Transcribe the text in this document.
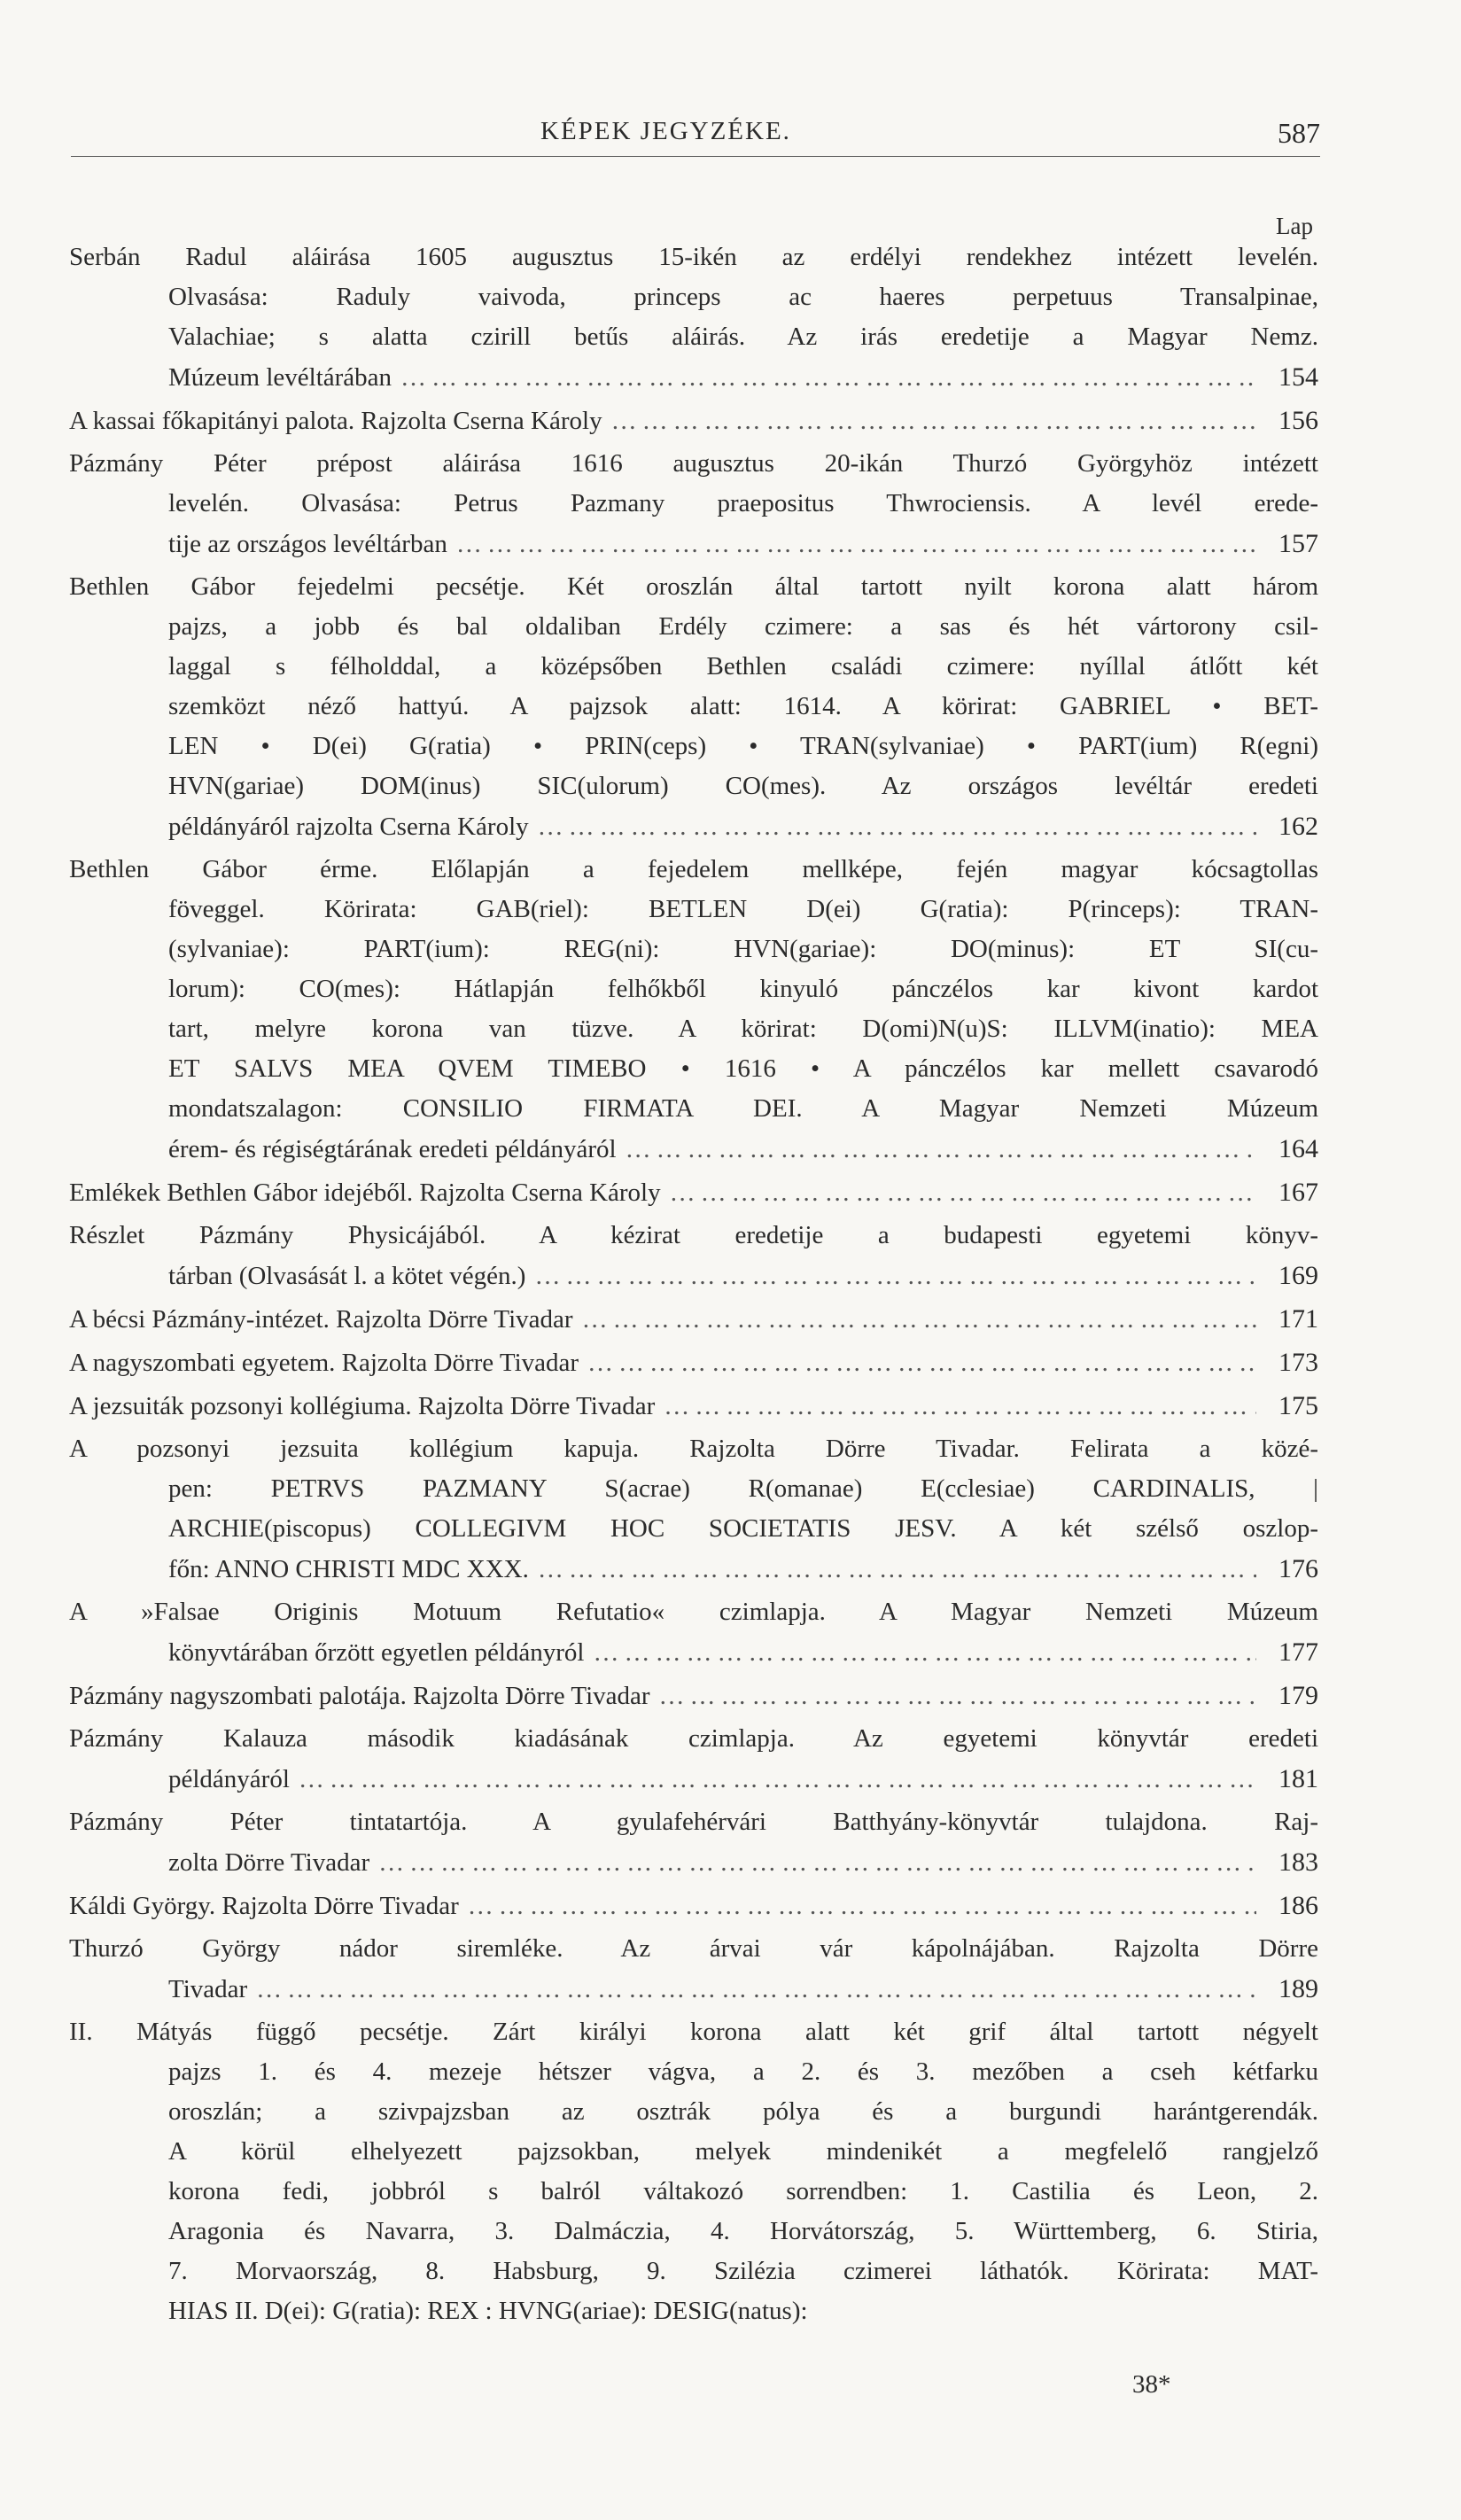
KÉPEK JEGYZÉKE.	587
Lap
Serbán Radul aláirása 1605 augusztus 15-ikén az erdélyi rendekhez intézett levelén.
Olvasása: Raduly vaivoda, princeps ac haeres perpetuus Transalpinae,
Valachiae; s alatta czirill betűs aláirás. Az irás eredetije a Magyar Nemz.
Múzeum levéltárában ………………………………………………………………………………………………………………………………………………	154
A kassai főkapitányi palota. Rajzolta Cserna Károly ………………………………………………………………………………………………………………………………………………	156
Pázmány Péter prépost aláirása 1616 augusztus 20-ikán Thurzó Györgyhöz intézett
levelén. Olvasása: Petrus Pazmany praepositus Thwrociensis. A levél erede-
tije az országos levéltárban ………………………………………………………………………………………………………………………………………………	157
Bethlen Gábor fejedelmi pecsétje. Két oroszlán által tartott nyilt korona alatt három
pajzs, a jobb és bal oldaliban Erdély czimere: a sas és hét vártorony csil-
laggal s félholddal, a középsőben Bethlen családi czimere: nyíllal átlőtt két
szemközt néző hattyú. A pajzsok alatt: 1614. A körirat: GABRIEL • BET-
LEN • D(ei) G(ratia) • PRIN(ceps) • TRAN(sylvaniae) • PART(ium) R(egni)
HVN(gariae) DOM(inus) SIC(ulorum) CO(mes). Az országos levéltár eredeti
példányáról rajzolta Cserna Károly ………………………………………………………………………………………………………………………………………………	162
Bethlen Gábor érme. Előlapján a fejedelem mellképe, fején magyar kócsagtollas
föveggel. Körirata: GAB(riel): BETLEN D(ei) G(ratia): P(rinceps): TRAN-
(sylvaniae): PART(ium): REG(ni): HVN(gariae): DO(minus): ET SI(cu-
lorum): CO(mes): Hátlapján felhőkből kinyuló pánczélos kar kivont kardot
tart, melyre korona van tüzve. A körirat: D(omi)N(u)S: ILLVM(inatio): MEA
ET SALVS MEA QVEM TIMEBO • 1616 • A pánczélos kar mellett csavarodó
mondatszalagon: CONSILIO FIRMATA DEI. A Magyar Nemzeti Múzeum
érem- és régiségtárának eredeti példányáról ………………………………………………………………………………………………………………………………………………	164
Emlékek Bethlen Gábor idejéből. Rajzolta Cserna Károly ………………………………………………………………………………………………………………………………………………	167
Részlet Pázmány Physicájából. A kézirat eredetije a budapesti egyetemi könyv-
tárban (Olvasását l. a kötet végén.) ………………………………………………………………………………………………………………………………………………	169
A bécsi Pázmány-intézet. Rajzolta Dörre Tivadar ………………………………………………………………………………………………………………………………………………	171
A nagyszombati egyetem. Rajzolta Dörre Tivadar ………………………………………………………………………………………………………………………………………………	173
A jezsuiták pozsonyi kollégiuma. Rajzolta Dörre Tivadar ………………………………………………………………………………………………………………………………………………	175
A pozsonyi jezsuita kollégium kapuja. Rajzolta Dörre Tivadar. Felirata a közé-
pen: PETRVS PAZMANY S(acrae) R(omanae) E(cclesiae) CARDINALIS, |
ARCHIE(piscopus) COLLEGIVM HOC SOCIETATIS JESV. A két szélső oszlop-
főn: ANNO CHRISTI MDC XXX. ………………………………………………………………………………………………………………………………………………	176
A »Falsae Originis Motuum Refutatio« czimlapja. A Magyar Nemzeti Múzeum
könyvtárában őrzött egyetlen példányról ………………………………………………………………………………………………………………………………………………	177
Pázmány nagyszombati palotája. Rajzolta Dörre Tivadar ………………………………………………………………………………………………………………………………………………	179
Pázmány Kalauza második kiadásának czimlapja. Az egyetemi könyvtár eredeti
példányáról ………………………………………………………………………………………………………………………………………………	181
Pázmány Péter tintatartója. A gyulafehérvári Batthyány-könyvtár tulajdona. Raj-
zolta Dörre Tivadar ………………………………………………………………………………………………………………………………………………	183
Káldi György. Rajzolta Dörre Tivadar ………………………………………………………………………………………………………………………………………………	186
Thurzó György nádor siremléke. Az árvai vár kápolnájában. Rajzolta Dörre
Tivadar ………………………………………………………………………………………………………………………………………………	189
II. Mátyás függő pecsétje. Zárt királyi korona alatt két grif által tartott négyelt
pajzs 1. és 4. mezeje hétszer vágva, a 2. és 3. mezőben a cseh kétfarku
oroszlán; a szivpajzsban az osztrák pólya és a burgundi harántgerendák.
A körül elhelyezett pajzsokban, melyek mindenikét a megfelelő rangjelző
korona fedi, jobbról s balról váltakozó sorrendben: 1. Castilia és Leon, 2.
Aragonia és Navarra, 3. Dalmáczia, 4. Horvátország, 5. Württemberg, 6. Stiria,
7. Morvaország, 8. Habsburg, 9. Szilézia czimerei láthatók. Körirata: MAT-
HIAS II. D(ei): G(ratia): REX : HVNG(ariae): DESIG(natus):
38*
